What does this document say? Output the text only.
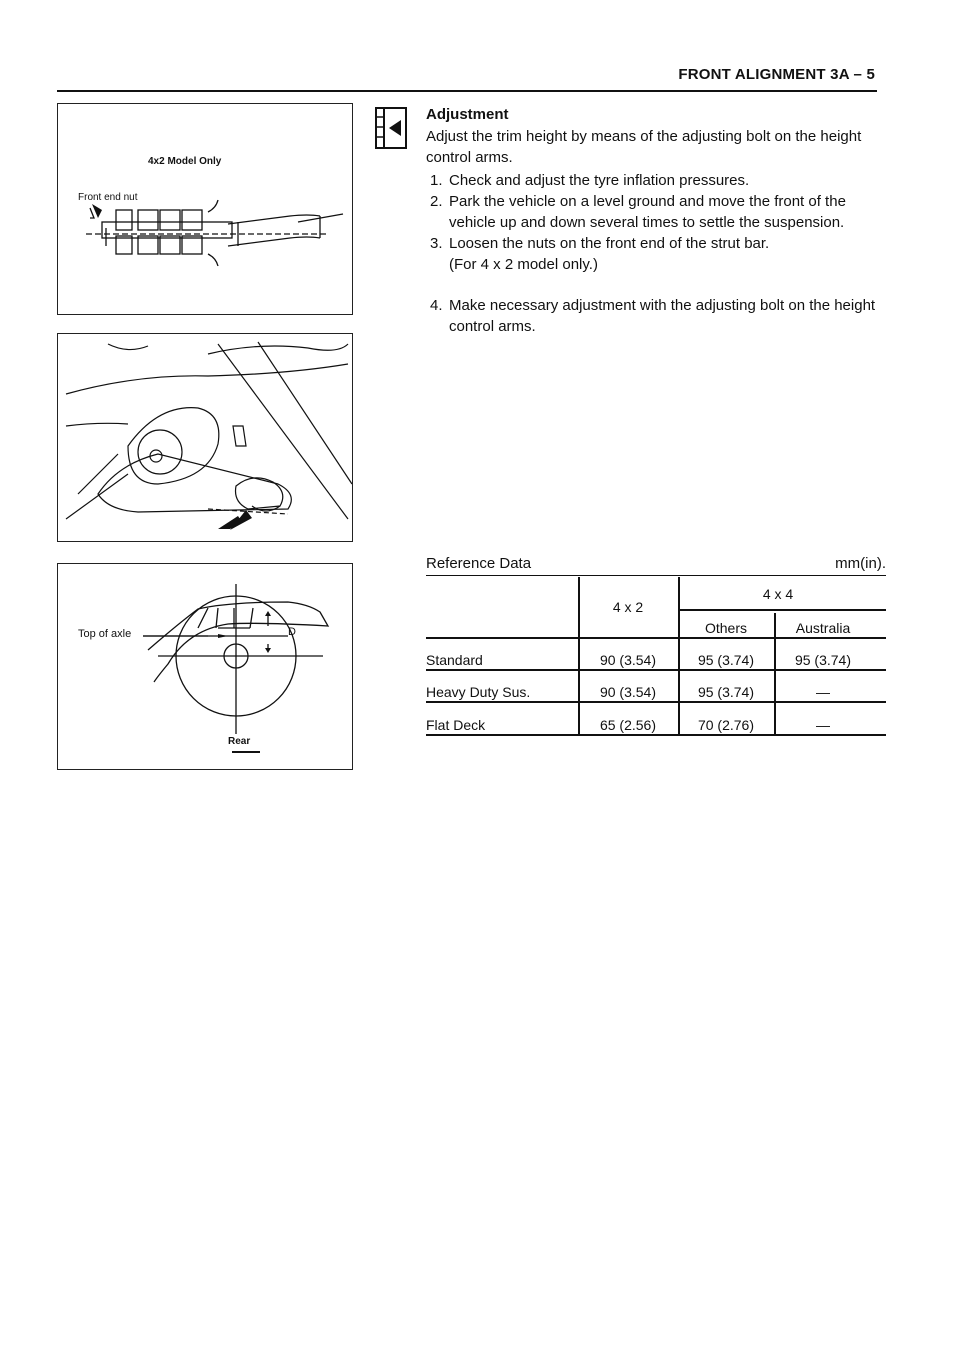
FRONT ALIGNMENT 3A – 5
4x2 Model Only
Front end nut
Top of axle	D
Rear

Adjustment

Adjust the trim height by means of the adjusting bolt on the height control arms.

1. Check and adjust the tyre inflation pressures.
2. Park the vehicle on a level ground and move the front of the vehicle up and down several times to settle the suspension.
3. Loosen the nuts on the front end of the strut bar.
(For 4 x 2 model only.)
4. Make necessary adjustment with the adjusting bolt on the height control arms.
Reference Data	mm(in).
4 x 2
4 x 4
Others	Australia
Standard	90 (3.54)	95 (3.74)	95 (3.74)
Heavy Duty Sus.	90 (3.54)	95 (3.74)	—
Flat Deck	65 (2.56)	70 (2.76)	—
